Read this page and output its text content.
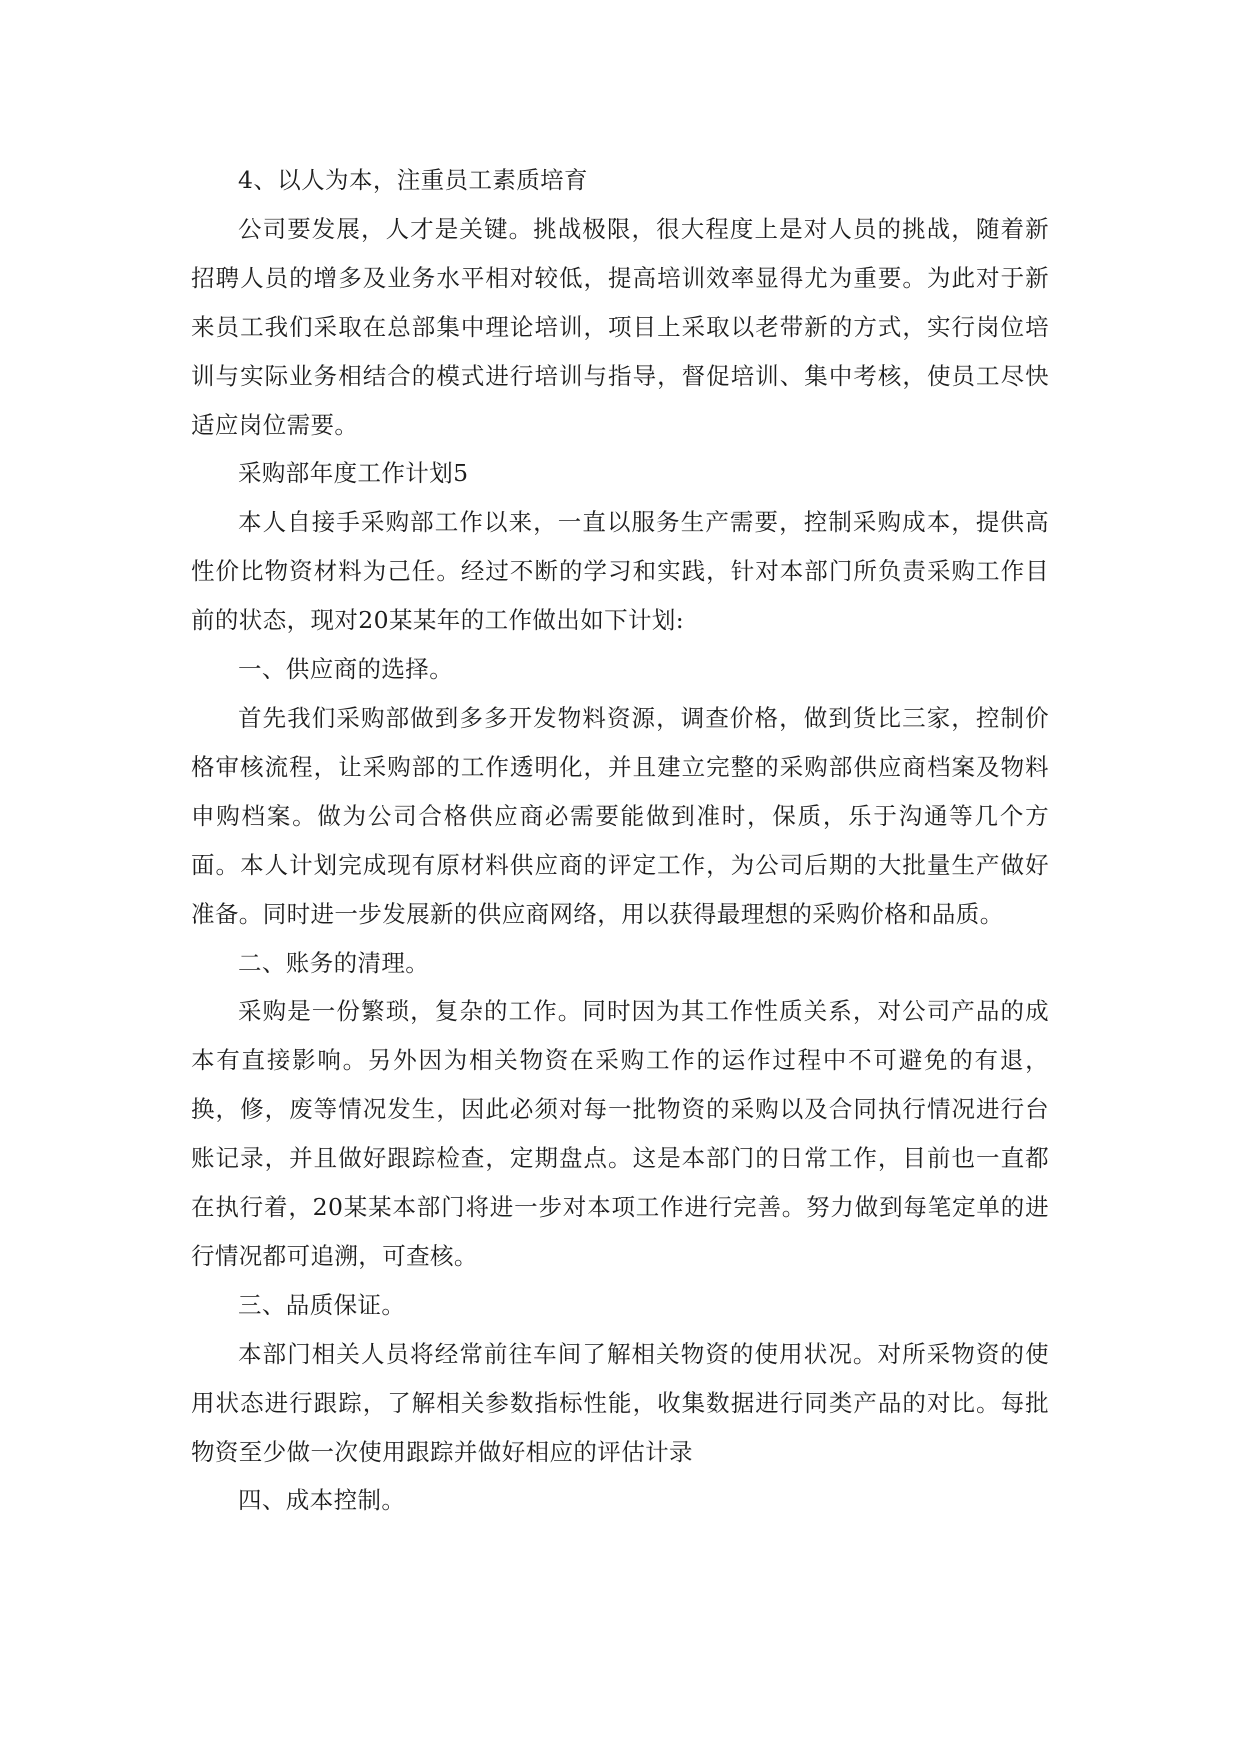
4、以人为本，注重员工素质培育

公司要发展，人才是关键。挑战极限，很大程度上是对人员的挑战，随着新招聘人员的增多及业务水平相对较低，提高培训效率显得尤为重要。为此对于新来员工我们采取在总部集中理论培训，项目上采取以老带新的方式，实行岗位培训与实际业务相结合的模式进行培训与指导，督促培训、集中考核，使员工尽快适应岗位需要。

采购部年度工作计划5

本人自接手采购部工作以来，一直以服务生产需要，控制采购成本，提供高性价比物资材料为己任。经过不断的学习和实践，针对本部门所负责采购工作目前的状态，现对20某某年的工作做出如下计划:

一、供应商的选择。

首先我们采购部做到多多开发物料资源，调查价格，做到货比三家，控制价格审核流程，让采购部的工作透明化，并且建立完整的采购部供应商档案及物料申购档案。做为公司合格供应商必需要能做到准时，保质，乐于沟通等几个方面。本人计划完成现有原材料供应商的评定工作，为公司后期的大批量生产做好准备。同时进一步发展新的供应商网络，用以获得最理想的采购价格和品质。

二、账务的清理。

采购是一份繁琐，复杂的工作。同时因为其工作性质关系，对公司产品的成本有直接影响。另外因为相关物资在采购工作的运作过程中不可避免的有退，换，修，废等情况发生，因此必须对每一批物资的采购以及合同执行情况进行台账记录，并且做好跟踪检查，定期盘点。这是本部门的日常工作，目前也一直都在执行着，20某某本部门将进一步对本项工作进行完善。努力做到每笔定单的进行情况都可追溯，可查核。

三、品质保证。

本部门相关人员将经常前往车间了解相关物资的使用状况。对所采物资的使用状态进行跟踪，了解相关参数指标性能，收集数据进行同类产品的对比。每批物资至少做一次使用跟踪并做好相应的评估计录

四、成本控制。
